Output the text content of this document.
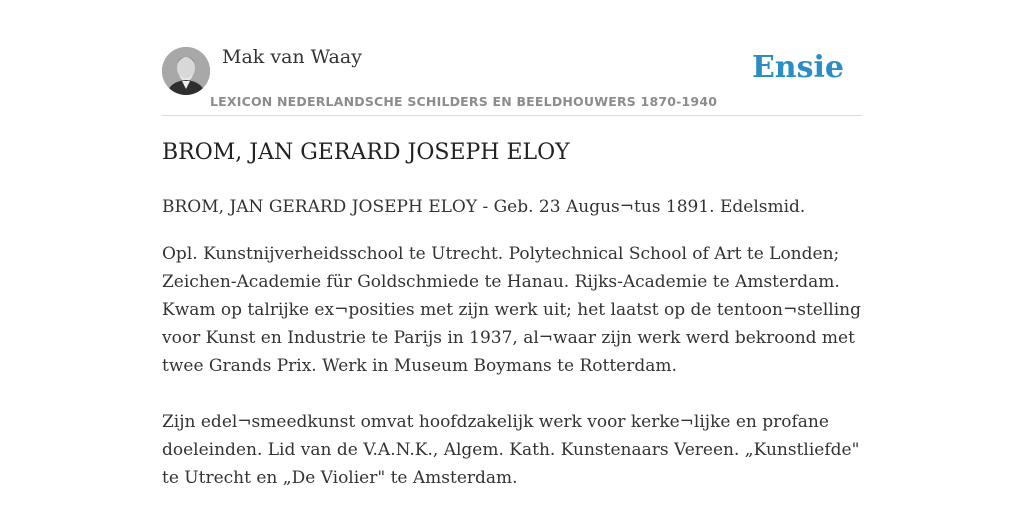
Mak van Waay
LEXICON NEDERLANDSCHE SCHILDERS EN BEELDHOUWERS 1870-1940
Ensie
BROM, JAN GERARD JOSEPH ELOY

BROM, JAN GERARD JOSEPH ELOY - Geb. 23 Augus¬tus 1891. Edelsmid.

Opl. Kunstnijverheidsschool te Utrecht. Polytechnical School of Art te Londen; Zeichen-Academie für Goldschmiede te Hanau. Rijks-Academie te Amsterdam. Kwam op talrijke ex¬posities met zijn werk uit; het laatst op de tentoon¬stelling voor Kunst en Industrie te Parijs in 1937, al¬waar zijn werk werd bekroond met twee Grands Prix. Werk in Museum Boymans te Rotterdam.

Zijn edel¬smeedkunst omvat hoofdzakelijk werk voor kerke¬lijke en profane doeleinden. Lid van de V.A.N.K., Algem. Kath. Kunstenaars Vereen. „Kunstliefde" te Utrecht en „De Violier" te Amsterdam.
